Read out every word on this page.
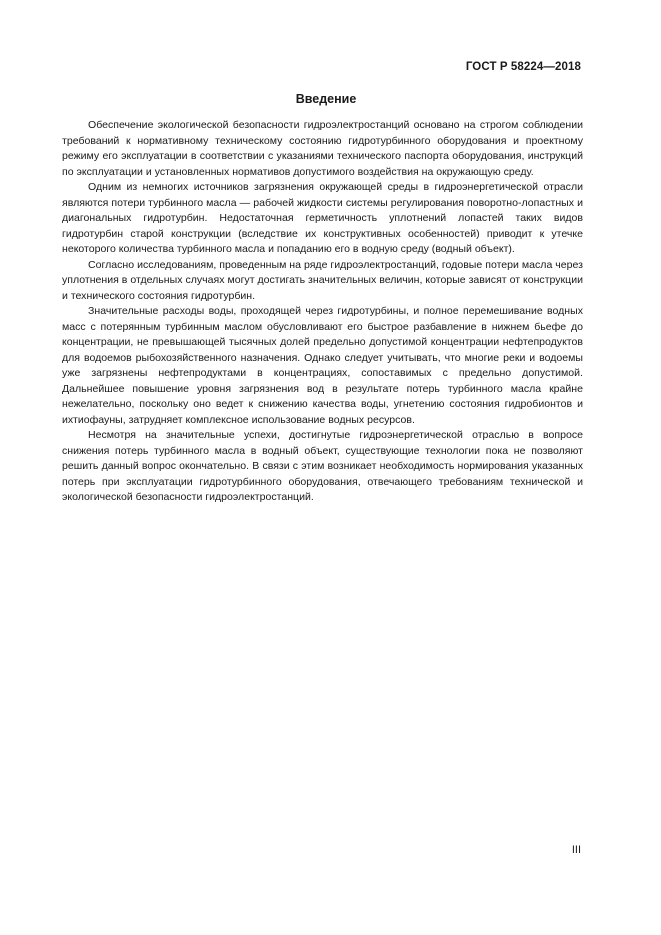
ГОСТ Р 58224—2018
Введение

Обеспечение экологической безопасности гидроэлектростанций основано на строгом соблюдении требований к нормативному техническому состоянию гидротурбинного оборудования и проектному режиму его эксплуатации в соответствии с указаниями технического паспорта оборудования, инструкций по эксплуатации и установленных нормативов допустимого воздействия на окружающую среду.

Одним из немногих источников загрязнения окружающей среды в гидроэнергетической отрасли являются потери турбинного масла — рабочей жидкости системы регулирования поворотно-лопастных и диагональных гидротурбин. Недостаточная герметичность уплотнений лопастей таких видов гидротурбин старой конструкции (вследствие их конструктивных особенностей) приводит к утечке некоторого количества турбинного масла и попаданию его в водную среду (водный объект).

Согласно исследованиям, проведенным на ряде гидроэлектростанций, годовые потери масла через уплотнения в отдельных случаях могут достигать значительных величин, которые зависят от конструкции и технического состояния гидротурбин.

Значительные расходы воды, проходящей через гидротурбины, и полное перемешивание водных масс с потерянным турбинным маслом обусловливают его быстрое разбавление в нижнем бьефе до концентрации, не превышающей тысячных долей предельно допустимой концентрации нефтепродуктов для водоемов рыбохозяйственного назначения. Однако следует учитывать, что многие реки и водоемы уже загрязнены нефтепродуктами в концентрациях, сопоставимых с предельно допустимой. Дальнейшее повышение уровня загрязнения вод в результате потерь турбинного масла крайне нежелательно, поскольку оно ведет к снижению качества воды, угнетению состояния гидробионтов и ихтиофауны, затрудняет комплексное использование водных ресурсов.

Несмотря на значительные успехи, достигнутые гидроэнергетической отраслью в вопросе снижения потерь турбинного масла в водный объект, существующие технологии пока не позволяют решить данный вопрос окончательно. В связи с этим возникает необходимость нормирования указанных потерь при эксплуатации гидротурбинного оборудования, отвечающего требованиям технической и экологической безопасности гидроэлектростанций.

III
